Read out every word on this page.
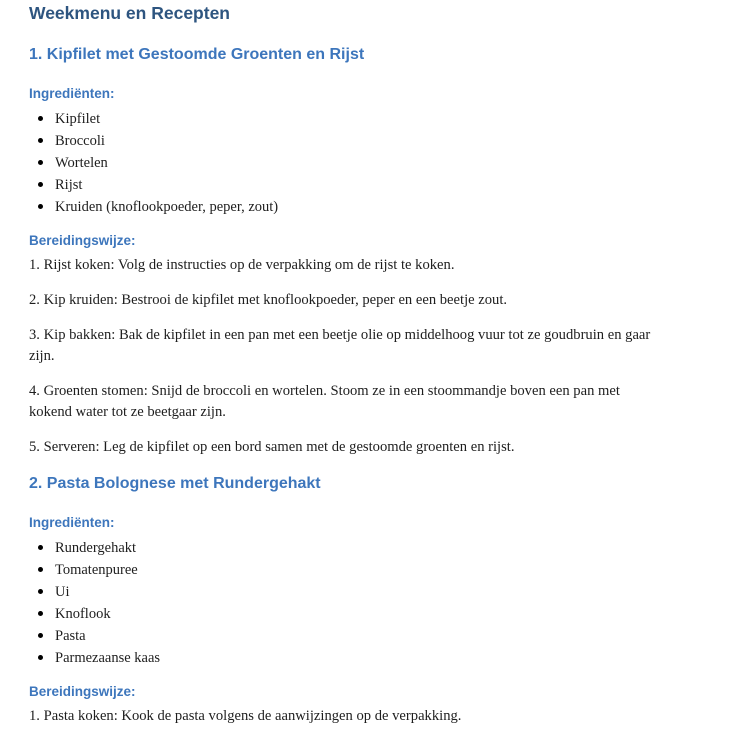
Weekmenu en Recepten
1. Kipfilet met Gestoomde Groenten en Rijst
Ingrediënten:
Kipfilet
Broccoli
Wortelen
Rijst
Kruiden (knoflookpoeder, peper, zout)
Bereidingswijze:

1. Rijst koken: Volg de instructies op de verpakking om de rijst te koken.

2. Kip kruiden: Bestrooi de kipfilet met knoflookpoeder, peper en een beetje zout.

3. Kip bakken: Bak de kipfilet in een pan met een beetje olie op middelhoog vuur tot ze goudbruin en gaar zijn.

4. Groenten stomen: Snijd de broccoli en wortelen. Stoom ze in een stoommandje boven een pan met kokend water tot ze beetgaar zijn.

5. Serveren: Leg de kipfilet op een bord samen met de gestoomde groenten en rijst.

2. Pasta Bolognese met Rundergehakt
Ingrediënten:
Rundergehakt
Tomatenpuree
Ui
Knoflook
Pasta
Parmezaanse kaas
Bereidingswijze:

1. Pasta koken: Kook de pasta volgens de aanwijzingen op de verpakking.
